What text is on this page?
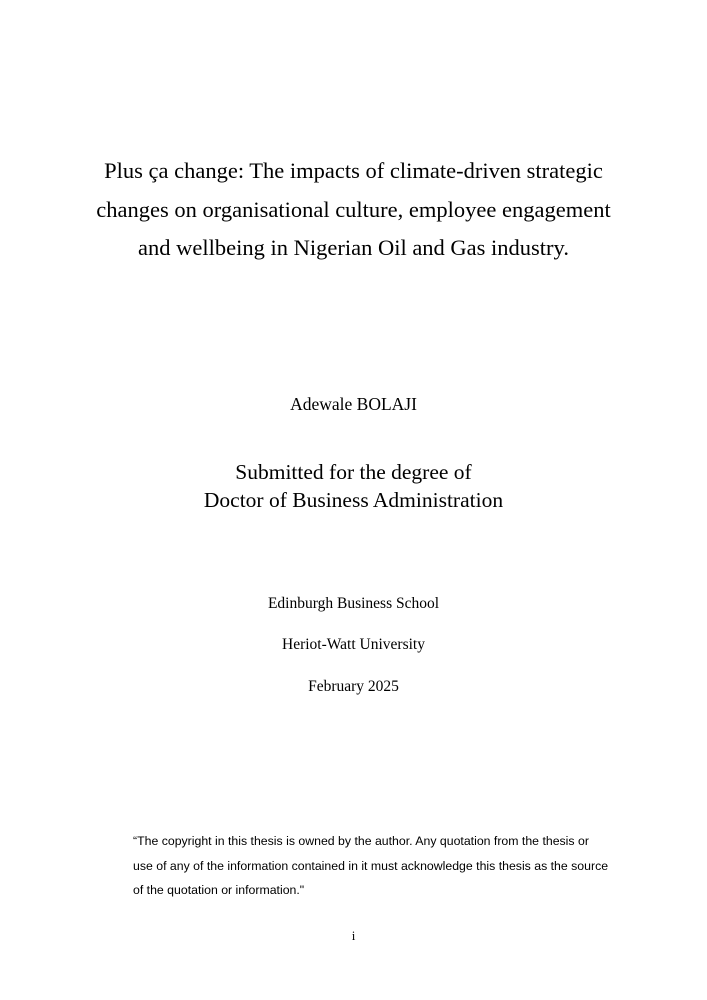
Plus ça change: The impacts of climate-driven strategic
changes on organisational culture, employee engagement
and wellbeing in Nigerian Oil and Gas industry.
Adewale BOLAJI
Submitted for the degree of
Doctor of Business Administration
Edinburgh Business School
Heriot-Watt University
February 2025
“The copyright in this thesis is owned by the author. Any quotation from the thesis or
use of any of the information contained in it must acknowledge this thesis as the source
of the quotation or information."
i
